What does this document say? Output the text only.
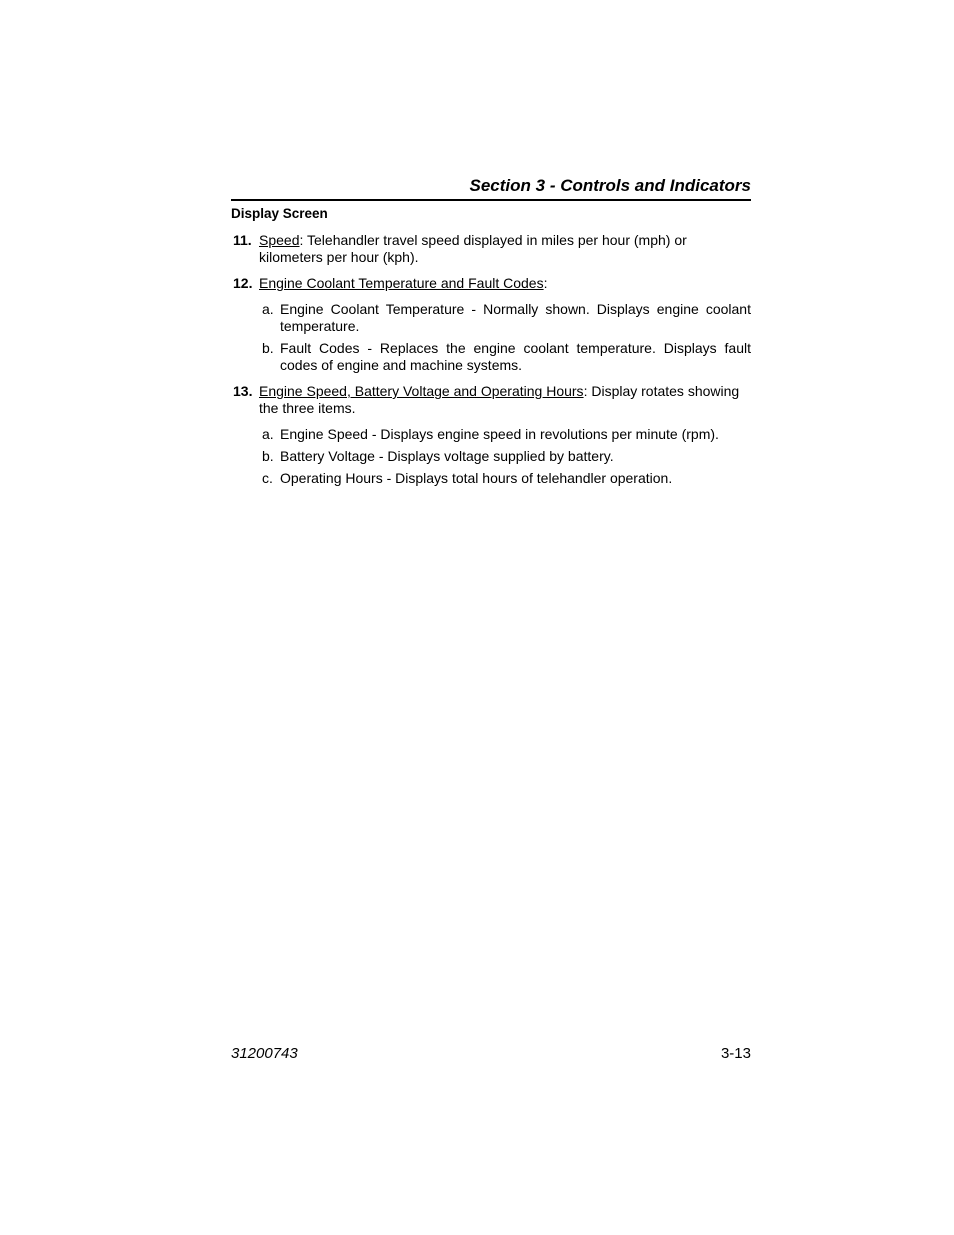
Section 3 - Controls and Indicators
Display Screen
11. Speed: Telehandler travel speed displayed in miles per hour (mph) or kilometers per hour (kph).
12. Engine Coolant Temperature and Fault Codes:
a. Engine Coolant Temperature - Normally shown. Displays engine coolant temperature.
b. Fault Codes - Replaces the engine coolant temperature. Displays fault codes of engine and machine systems.
13. Engine Speed, Battery Voltage and Operating Hours: Display rotates showing the three items.
a. Engine Speed - Displays engine speed in revolutions per minute (rpm).
b. Battery Voltage - Displays voltage supplied by battery.
c. Operating Hours - Displays total hours of telehandler operation.
31200743	3-13
